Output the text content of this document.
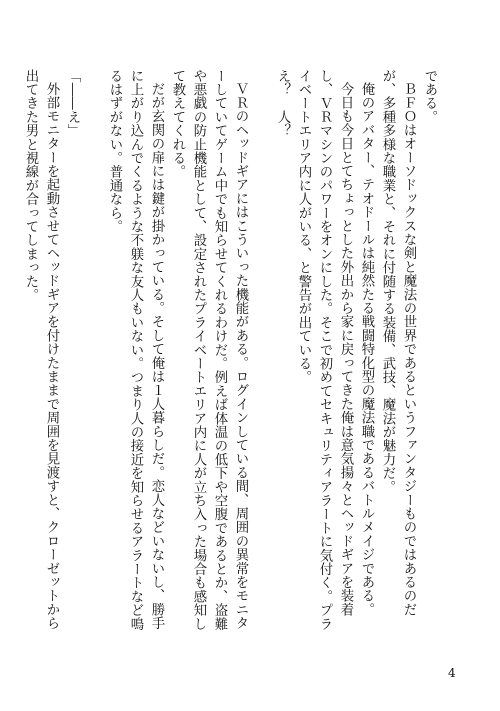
である。

ＢＦＯはオーソドックスな剣と魔法の世界であるというファンタジーものではあるのだが、多種多様な職業と、それに付随する装備、武技、魔法が魅力だ。

俺のアバター、テオドールは純然たる戦闘特化型の魔法職であるバトルメイジである。

今日も今日とてちょっとした外出から家に戻ってきた俺は意気揚々とヘッドギアを装着し、ＶＲマシンのパワーをオンにした。そこで初めてセキュリティアラートに気付く。プライベートエリア内に人がいる、と警告が出ている。

え？　人？

ＶＲのヘッドギアにはこういった機能がある。ログインしている間、周囲の異常をモニターしていてゲーム中でも知らせてくれるわけだ。例えば体温の低下や空腹であるとか、盗難や悪戯の防止機能として、設定されたプライベートエリア内に人が立ち入った場合も感知して教えてくれる。

だが玄関の扉には鍵が掛かっている。そして俺は１人暮らしだ。恋人などいないし、勝手に上がり込んでくるような不躾な友人もいない。つまり人の接近を知らせるアラートなど鳴るはずがない。普通なら。

「――え」

外部モニターを起動させてヘッドギアを付けたままで周囲を見渡すと、クローゼットから出てきた男と視線が合ってしまった。

4
